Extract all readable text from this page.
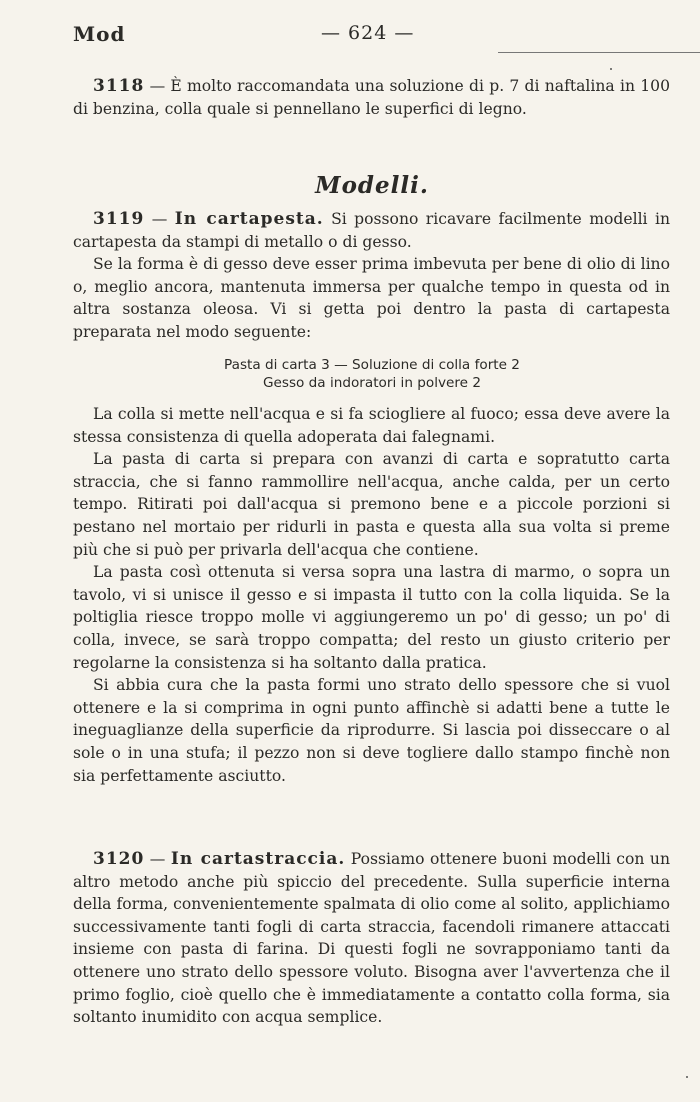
Mod	— 624 —

3118 — È molto raccomandata una soluzione di p. 7 di naftalina in 100 di benzina, colla quale si pennellano le superfici di legno.

Modelli.

3119 — In cartapesta. Si possono ricavare facilmente modelli in cartapesta da stampi di metallo o di gesso.

Se la forma è di gesso deve esser prima imbevuta per bene di olio di lino o, meglio ancora, mantenuta immersa per qualche tempo in questa od in altra sostanza oleosa. Vi si getta poi dentro la pasta di cartapesta preparata nel modo seguente:

Pasta di carta 3 — Soluzione di colla forte 2
Gesso da indoratori in polvere 2

La colla si mette nell'acqua e si fa sciogliere al fuoco; essa deve avere la stessa consistenza di quella adoperata dai falegnami.

La pasta di carta si prepara con avanzi di carta e sopratutto carta straccia, che si fanno rammollire nell'acqua, anche calda, per un certo tempo. Ritirati poi dall'acqua si premono bene e a piccole porzioni si pestano nel mortaio per ridurli in pasta e questa alla sua volta si preme più che si può per privarla dell'acqua che contiene.

La pasta così ottenuta si versa sopra una lastra di marmo, o sopra un tavolo, vi si unisce il gesso e si impasta il tutto con la colla liquida. Se la poltiglia riesce troppo molle vi aggiungeremo un po' di gesso; un po' di colla, invece, se sarà troppo compatta; del resto un giusto criterio per regolarne la consistenza si ha soltanto dalla pratica.

Si abbia cura che la pasta formi uno strato dello spessore che si vuol ottenere e la si comprima in ogni punto affinchè si adatti bene a tutte le ineguaglianze della superficie da riprodurre. Si lascia poi disseccare o al sole o in una stufa; il pezzo non si deve togliere dallo stampo finchè non sia perfettamente asciutto.

3120 — In cartastraccia. Possiamo ottenere buoni modelli con un altro metodo anche più spiccio del precedente. Sulla superficie interna della forma, convenientemente spalmata di olio come al solito, applichiamo successivamente tanti fogli di carta straccia, facendoli rimanere attaccati insieme con pasta di farina. Di questi fogli ne sovrapponiamo tanti da ottenere uno strato dello spessore voluto. Bisogna aver l'avvertenza che il primo foglio, cioè quello che è immediatamente a contatto colla forma, sia soltanto inumidito con acqua semplice.
